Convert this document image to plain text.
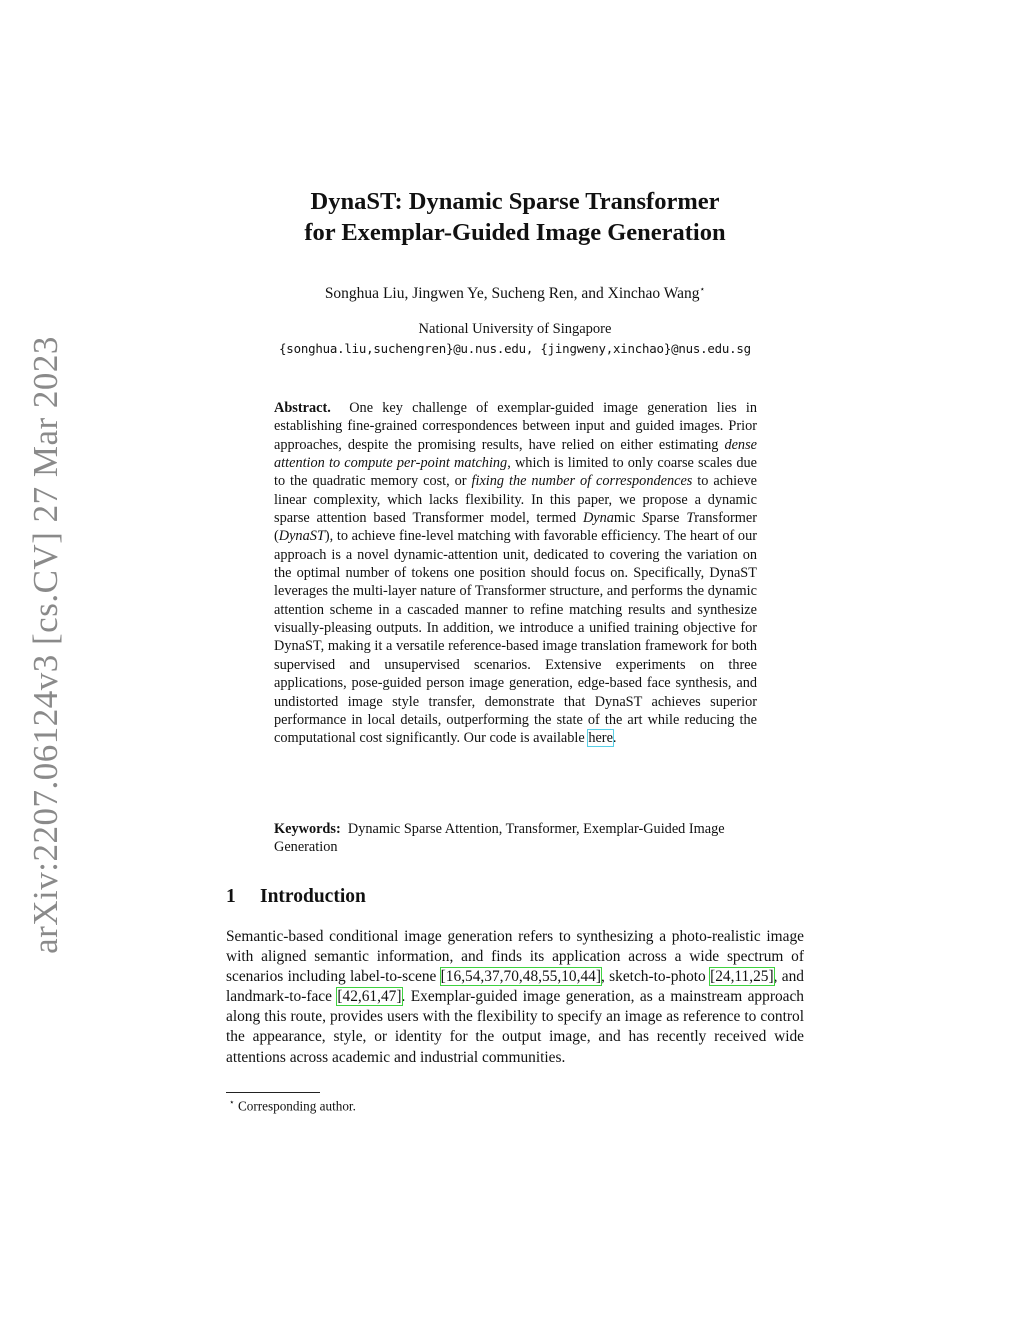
arXiv:2207.06124v3 [cs.CV] 27 Mar 2023
DynaST: Dynamic Sparse Transformer
for Exemplar-Guided Image Generation
Songhua Liu, Jingwen Ye, Sucheng Ren, and Xinchao Wang⋆
National University of Singapore
{songhua.liu,suchengren}@u.nus.edu, {jingweny,xinchao}@nus.edu.sg
Abstract. One key challenge of exemplar-guided image generation lies in establishing fine-grained correspondences between input and guided images. Prior approaches, despite the promising results, have relied on either estimating dense attention to compute per-point matching, which is limited to only coarse scales due to the quadratic memory cost, or fixing the number of correspondences to achieve linear complexity, which lacks flexibility. In this paper, we propose a dynamic sparse attention based Transformer model, termed Dynamic Sparse Transformer (DynaST), to achieve fine-level matching with favorable efficiency. The heart of our approach is a novel dynamic-attention unit, dedicated to covering the variation on the optimal number of tokens one position should focus on. Specifically, DynaST leverages the multi-layer nature of Transformer structure, and performs the dynamic attention scheme in a cascaded manner to refine matching results and synthesize visually-pleasing outputs. In addition, we introduce a unified training objective for DynaST, making it a versatile reference-based image translation framework for both supervised and unsupervised scenarios. Extensive experiments on three applications, pose-guided person image generation, edge-based face synthesis, and undistorted image style transfer, demonstrate that DynaST achieves superior performance in local details, outperforming the state of the art while reducing the computational cost significantly. Our code is available here.
Keywords: Dynamic Sparse Attention, Transformer, Exemplar-Guided Image Generation
1 Introduction
Semantic-based conditional image generation refers to synthesizing a photo-realistic image with aligned semantic information, and finds its application across a wide spectrum of scenarios including label-to-scene [16,54,37,70,48,55,10,44], sketch-to-photo [24,11,25], and landmark-to-face [42,61,47]. Exemplar-guided image generation, as a mainstream approach along this route, provides users with the flexibility to specify an image as reference to control the appearance, style, or identity for the output image, and has recently received wide attentions across academic and industrial communities.
⋆ Corresponding author.
